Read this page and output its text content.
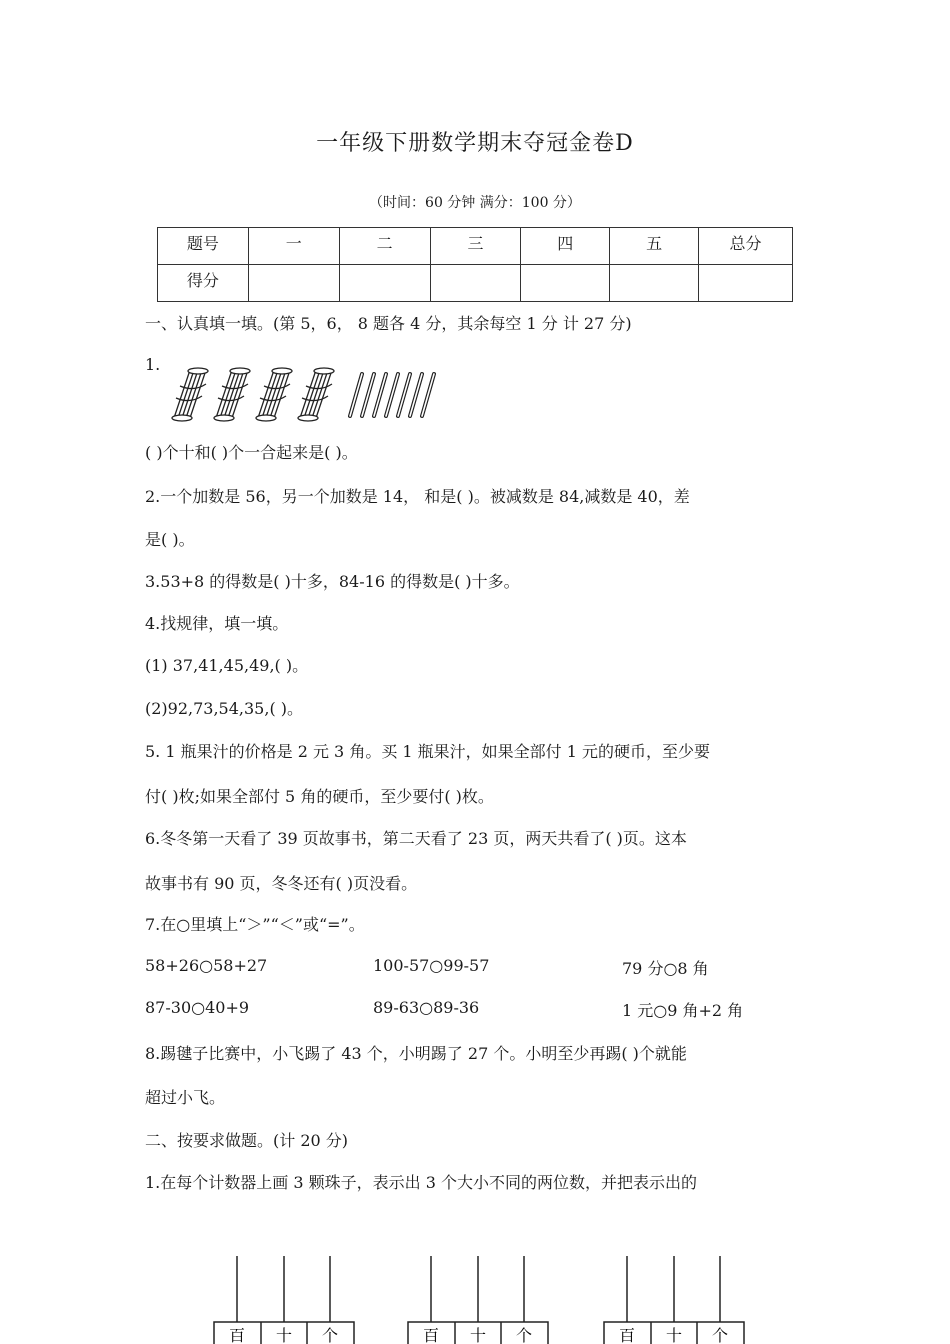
一年级下册数学期末夺冠金卷D
（时间：60 分钟 满分：100 分）
题号	一	二	三	四	五	总分
得分						
一、认真填一填。(第 5，6， 8 题各 4 分，其余每空 1 分 计 27 分)
1.
( )个十和( )个一合起来是( )。
2.一个加数是 56，另一个加数是 14， 和是( )。被减数是 84,减数是 40，差
是( )。
3.53+8 的得数是( )十多，84-16 的得数是( )十多。
4.找规律，填一填。
(1) 37,41,45,49,( )。
(2)92,73,54,35,( )。
5. 1 瓶果汁的价格是 2 元 3 角。买 1 瓶果汁，如果全部付 1 元的硬币，至少要
付( )枚;如果全部付 5 角的硬币，至少要付( )枚。
6.冬冬第一天看了 39 页故事书，第二天看了 23 页，两天共看了( )页。这本
故事书有 90 页，冬冬还有( )页没看。
7.在○里填上“＞”“＜”或“=”。
58+26○58+27	100-57○99-57	79 分○8 角
87-30○40+9	89-63○89-36	1 元○9 角+2 角
8.踢毽子比赛中，小飞踢了 43 个，小明踢了 27 个。小明至少再踢( )个就能
超过小飞。
二、按要求做题。(计 20 分)
1.在每个计数器上画 3 颗珠子，表示出 3 个大小不同的两位数，并把表示出的
百 十 个	百 十 个	百 十 个
